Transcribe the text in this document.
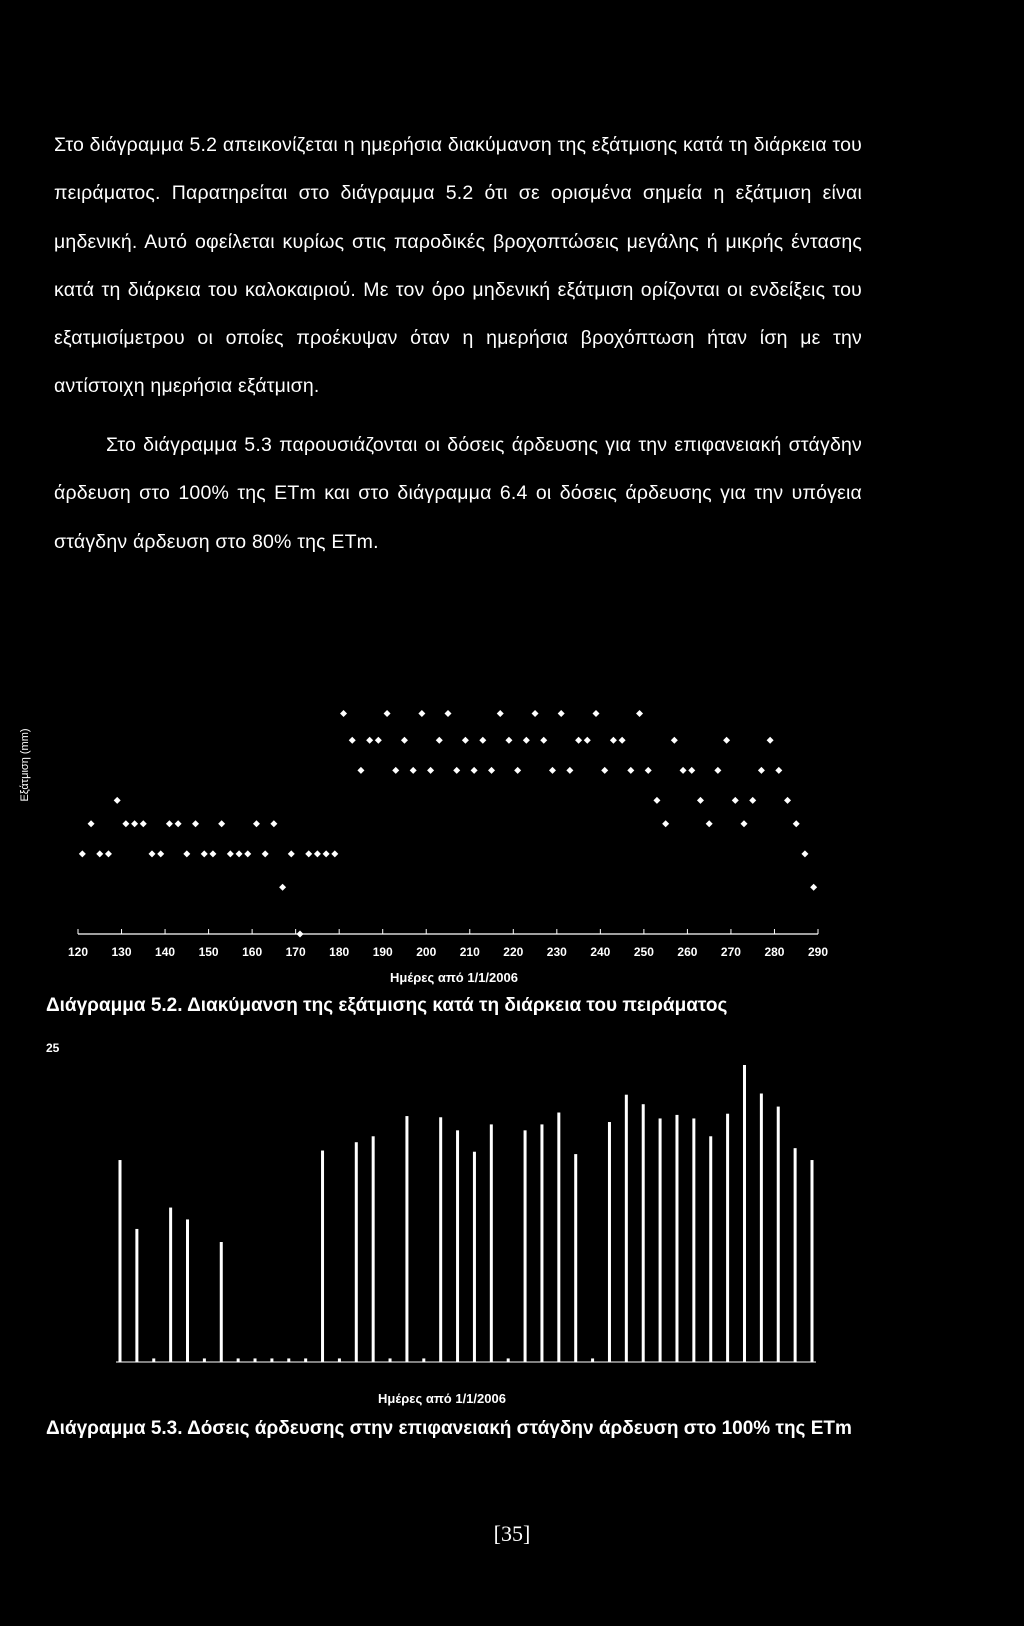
Στο διάγραμμα 5.2 απεικονίζεται η ημερήσια διακύμανση της εξάτμισης κατά τη διάρκεια του πειράματος. Παρατηρείται στο διάγραμμα 5.2 ότι σε ορισμένα σημεία η εξάτμιση είναι μηδενική. Αυτό οφείλεται κυρίως στις παροδικές βροχοπτώσεις μεγάλης ή μικρής έντασης κατά τη διάρκεια του καλοκαιριού. Με τον όρο μηδενική εξάτμιση ορίζονται οι ενδείξεις του εξατμισίμετρου οι οποίες προέκυψαν όταν η ημερήσια βροχόπτωση ήταν ίση με την αντίστοιχη ημερήσια εξάτμιση.

Στο διάγραμμα 5.3 παρουσιάζονται οι δόσεις άρδευσης για την επιφανειακή στάγδην άρδευση στο 100% της ETm και στο διάγραμμα 6.4 οι δόσεις άρδευσης για την υπόγεια στάγδην άρδευση στο 80% της ETm.

120 130 140 150 160 170 180 190 200 210 220 230 240 250 260 270 280 290
Εξάτμιση (mm)
Ημέρες από 1/1/2006

Διάγραμμα 5.2. Διακύμανση της εξάτμισης κατά τη διάρκεια του πειράματος

25
Ημέρες από 1/1/2006

Διάγραμμα 5.3. Δόσεις άρδευσης στην επιφανειακή στάγδην άρδευση στο 100% της ETm

[35]
